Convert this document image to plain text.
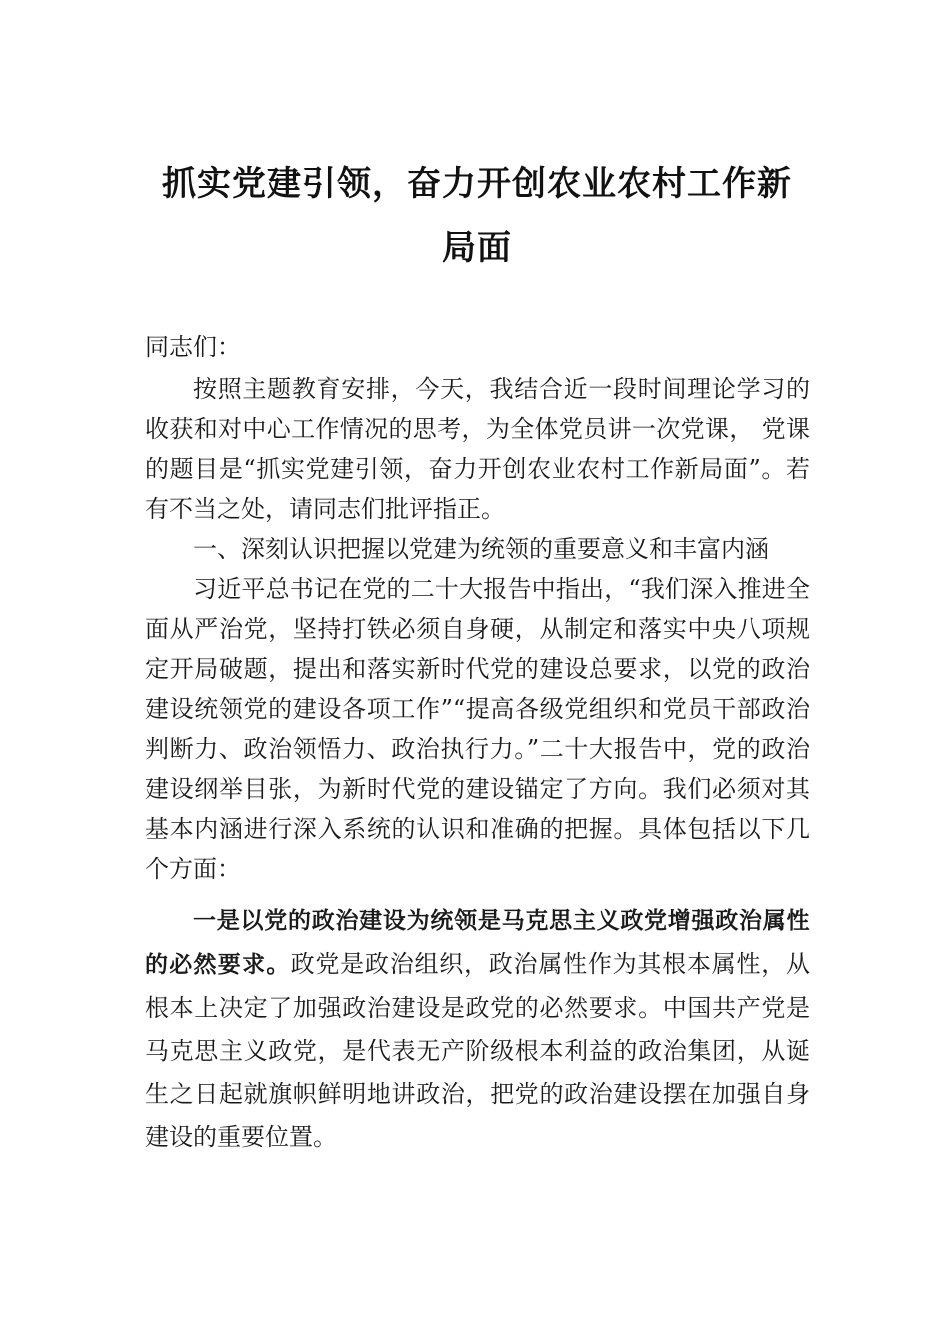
抓实党建引领，奋力开创农业农村工作新
局面

同志们：

按照主题教育安排，今天，我结合近一段时间理论学习的收获和对中心工作情况的思考，为全体党员讲一次党课， 党课的题目是“抓实党建引领，奋力开创农业农村工作新局面”。若有不当之处，请同志们批评指正。

一、深刻认识把握以党建为统领的重要意义和丰富内涵

习近平总书记在党的二十大报告中指出，“我们深入推进全面从严治党，坚持打铁必须自身硬，从制定和落实中央八项规定开局破题，提出和落实新时代党的建设总要求，以党的政治建设统领党的建设各项工作”“提高各级党组织和党员干部政治判断力、政治领悟力、政治执行力。”二十大报告中，党的政治建设纲举目张，为新时代党的建设锚定了方向。我们必须对其基本内涵进行深入系统的认识和准确的把握。具体包括以下几个方面：

一是以党的政治建设为统领是马克思主义政党增强政治属性的必然要求。政党是政治组织，政治属性作为其根本属性，从根本上决定了加强政治建设是政党的必然要求。中国共产党是马克思主义政党，是代表无产阶级根本利益的政治集团，从诞生之日起就旗帜鲜明地讲政治，把党的政治建设摆在加强自身建设的重要位置。
